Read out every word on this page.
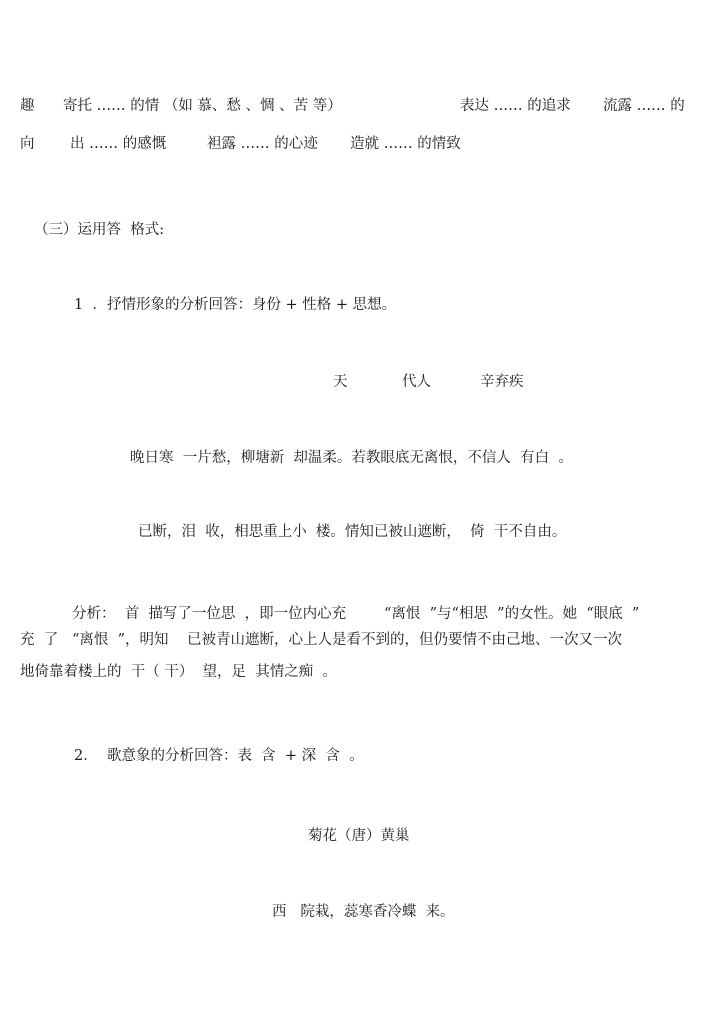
趣

寄托 …… 的情 （如 慕、愁 、惆 、苦 等）

	表达 …… 的追求

流露 …… 的

向

出 …… 的感慨

	袒露 …… 的心迹

造就 …… 的情致

（三）运用答  格式:
1  ．抒情形象的分析回答：身份 + 性格 + 思想。

天

	代人

	辛弃疾

晚日寒  一片愁，柳塘新  却温柔。若教眼底无离恨，不信人  有白  。
已断，泪  收，相思重上小  楼。情知已被山遮断，  倚  干不自由。

分析：  首  描写了一位思  ，即一位内心充

	“离恨  ”与“相思  ”的女性。她  “眼底  ”

充  了

“离恨  ”，明知    已被青山遮断，心上人是看不到的，但仍要情不由己地、一次又一次

地倚靠着楼上的  干（ 干）  望，足  其情之痴  。
2．  歌意象的分析回答：表  含  + 深  含  。
菊花（唐）黄巢
西   院栽，蕊寒香冷蝶  来。
